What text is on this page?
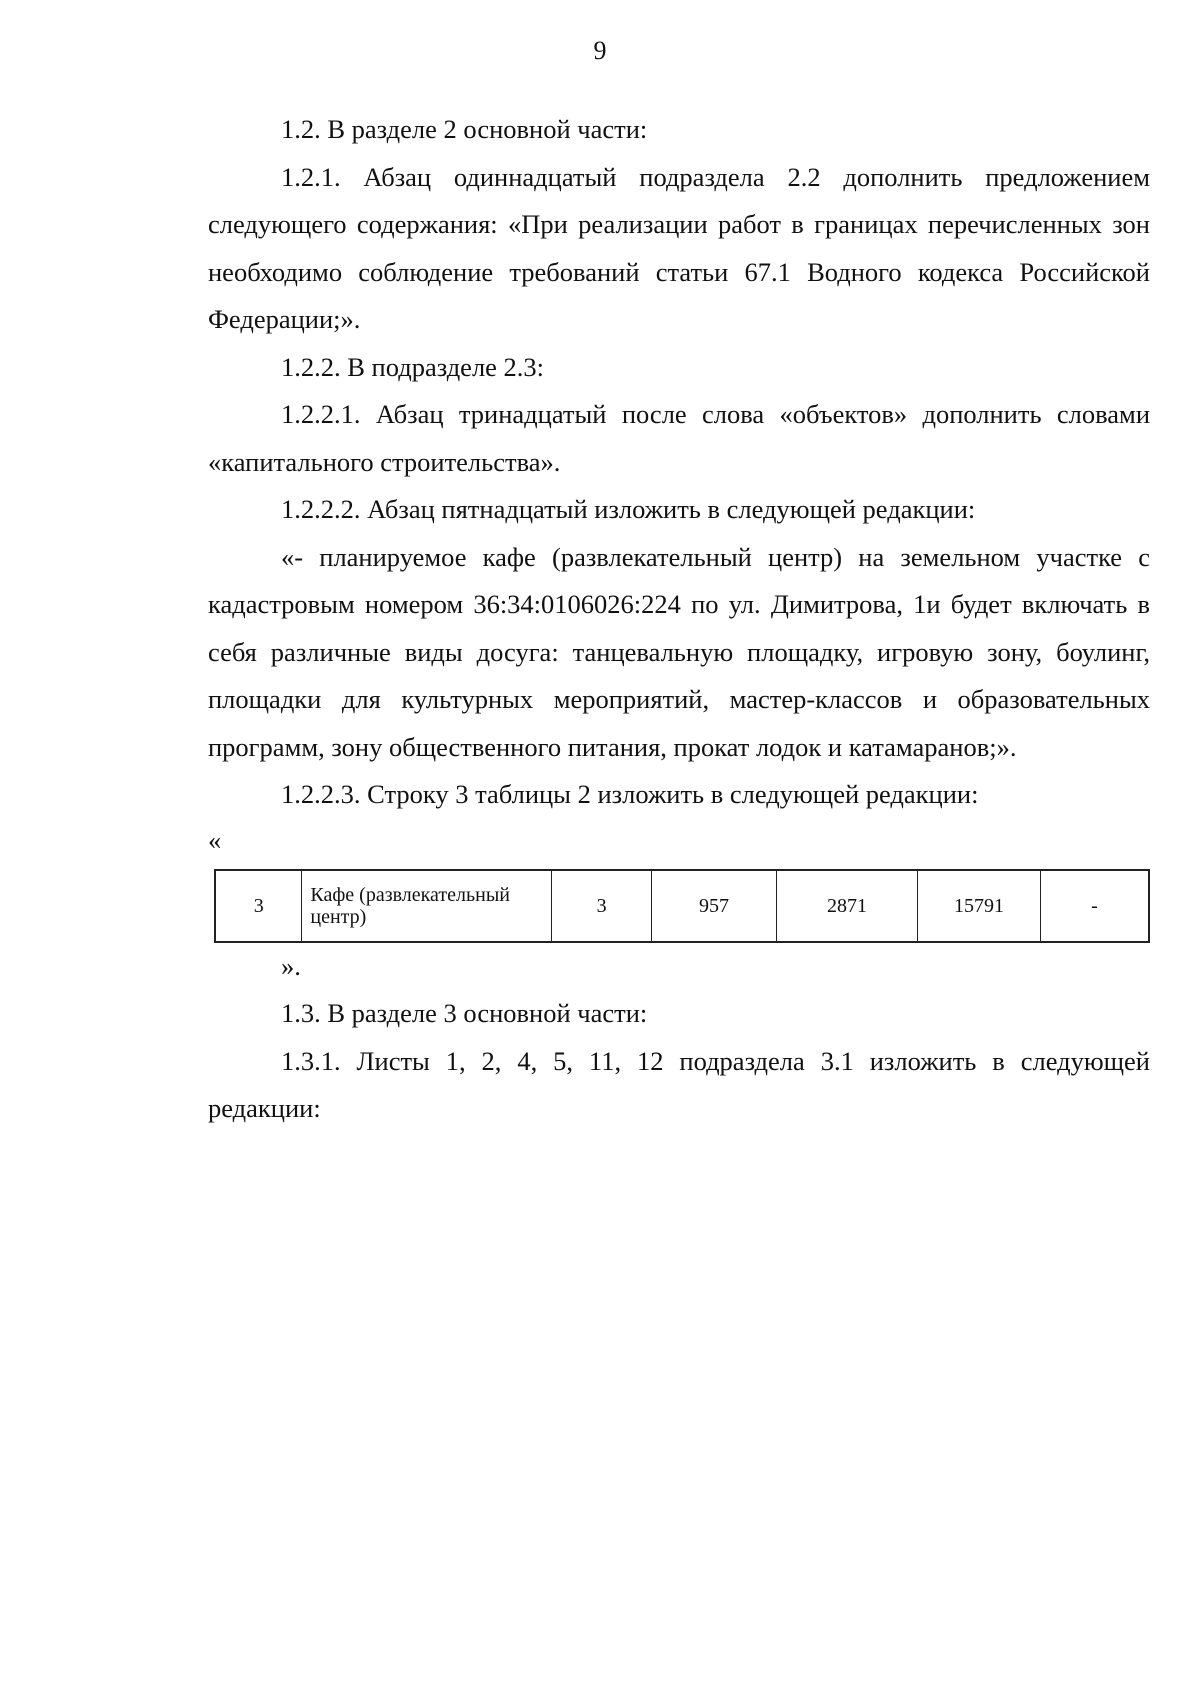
9

1.2. В разделе 2 основной части:

1.2.1. Абзац одиннадцатый подраздела 2.2 дополнить предложением следующего содержания: «При реализации работ в границах перечисленных зон необходимо соблюдение требований статьи 67.1 Водного кодекса Российской Федерации;».

1.2.2. В подразделе 2.3:

1.2.2.1. Абзац тринадцатый после слова «объектов» дополнить словами «капитального строительства».

1.2.2.2. Абзац пятнадцатый изложить в следующей редакции:

«- планируемое кафе (развлекательный центр) на земельном участке с кадастровым номером 36:34:0106026:224 по ул. Димитрова, 1и будет включать в себя различные виды досуга: танцевальную площадку, игровую зону, боулинг, площадки для культурных мероприятий, мастер-классов и образовательных программ, зону общественного питания, прокат лодок и катамаранов;».

1.2.2.3. Строку 3 таблицы 2 изложить в следующей редакции:

«

3	Кафе (развлекательный центр)	3	957	2871	15791	-

».

1.3. В разделе 3 основной части:

1.3.1. Листы 1, 2, 4, 5, 11, 12 подраздела 3.1 изложить в следующей редакции:
